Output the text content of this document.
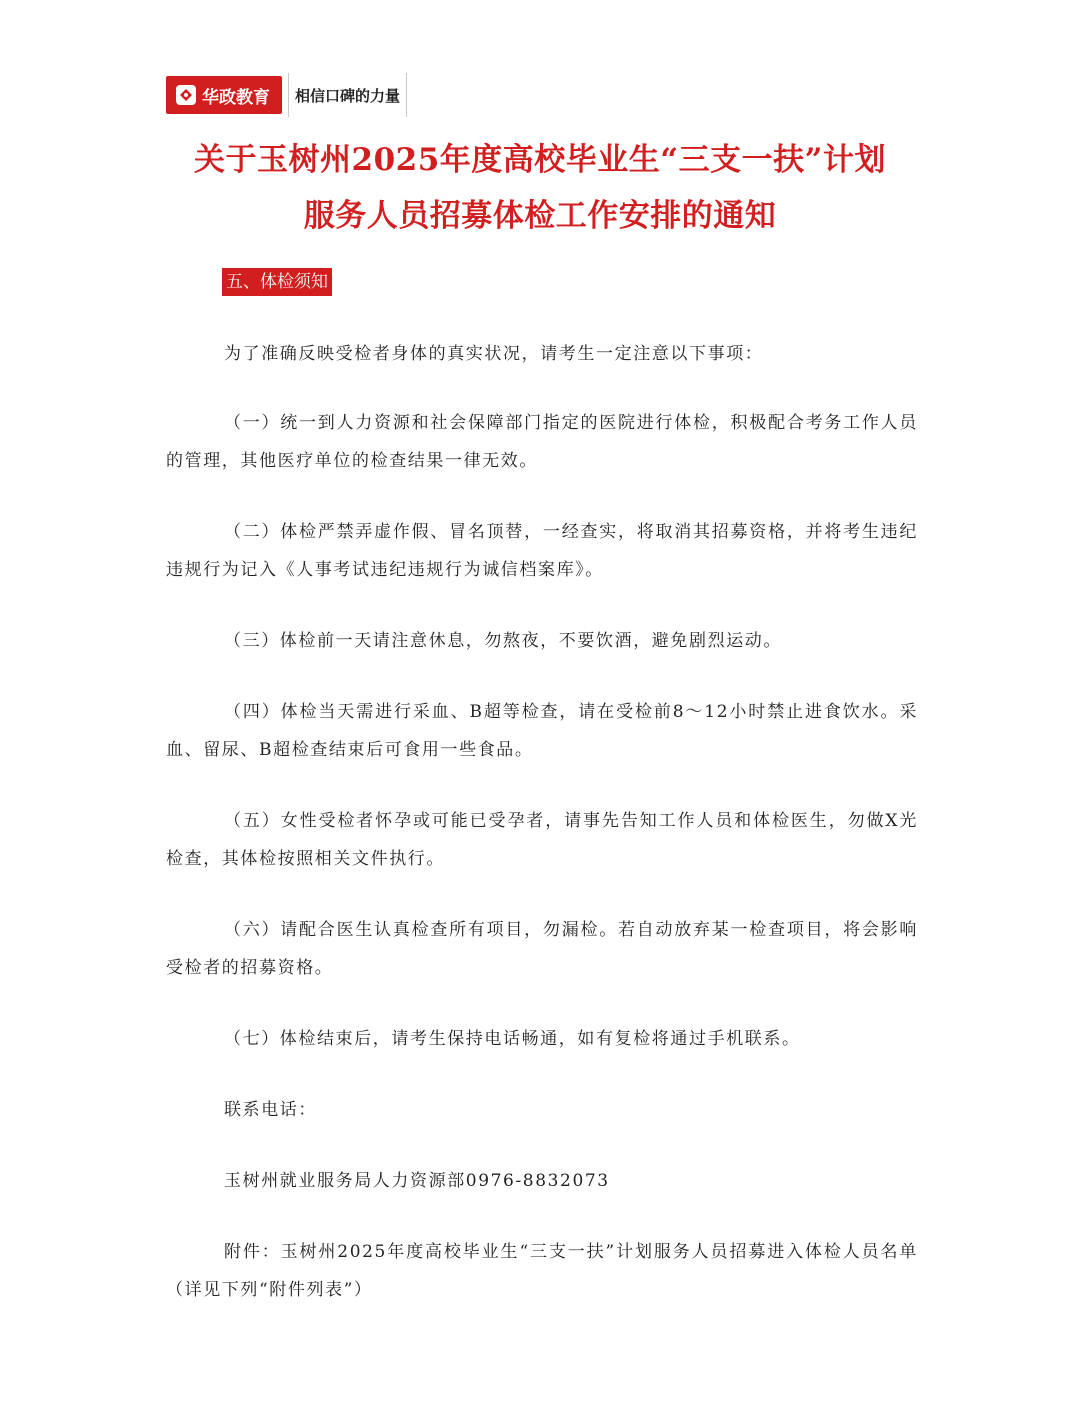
华政教育 相信口碑的力量
关于玉树州2025年度高校毕业生“三支一扶”计划
服务人员招募体检工作安排的通知
五、体检须知
为了准确反映受检者身体的真实状况，请考生一定注意以下事项：
（一）统一到人力资源和社会保障部门指定的医院进行体检，积极配合考务工作人员的管理，其他医疗单位的检查结果一律无效。
（二）体检严禁弄虚作假、冒名顶替，一经查实，将取消其招募资格，并将考生违纪违规行为记入《人事考试违纪违规行为诚信档案库》。
（三）体检前一天请注意休息，勿熬夜，不要饮酒，避免剧烈运动。
（四）体检当天需进行采血、B超等检查，请在受检前8～12小时禁止进食饮水。采血、留尿、B超检查结束后可食用一些食品。
（五）女性受检者怀孕或可能已受孕者，请事先告知工作人员和体检医生，勿做X光检查，其体检按照相关文件执行。
（六）请配合医生认真检查所有项目，勿漏检。若自动放弃某一检查项目，将会影响受检者的招募资格。
（七）体检结束后，请考生保持电话畅通，如有复检将通过手机联系。
联系电话：
玉树州就业服务局人力资源部0976-8832073
附件：玉树州2025年度高校毕业生“三支一扶”计划服务人员招募进入体检人员名单（详见下列“附件列表”）
